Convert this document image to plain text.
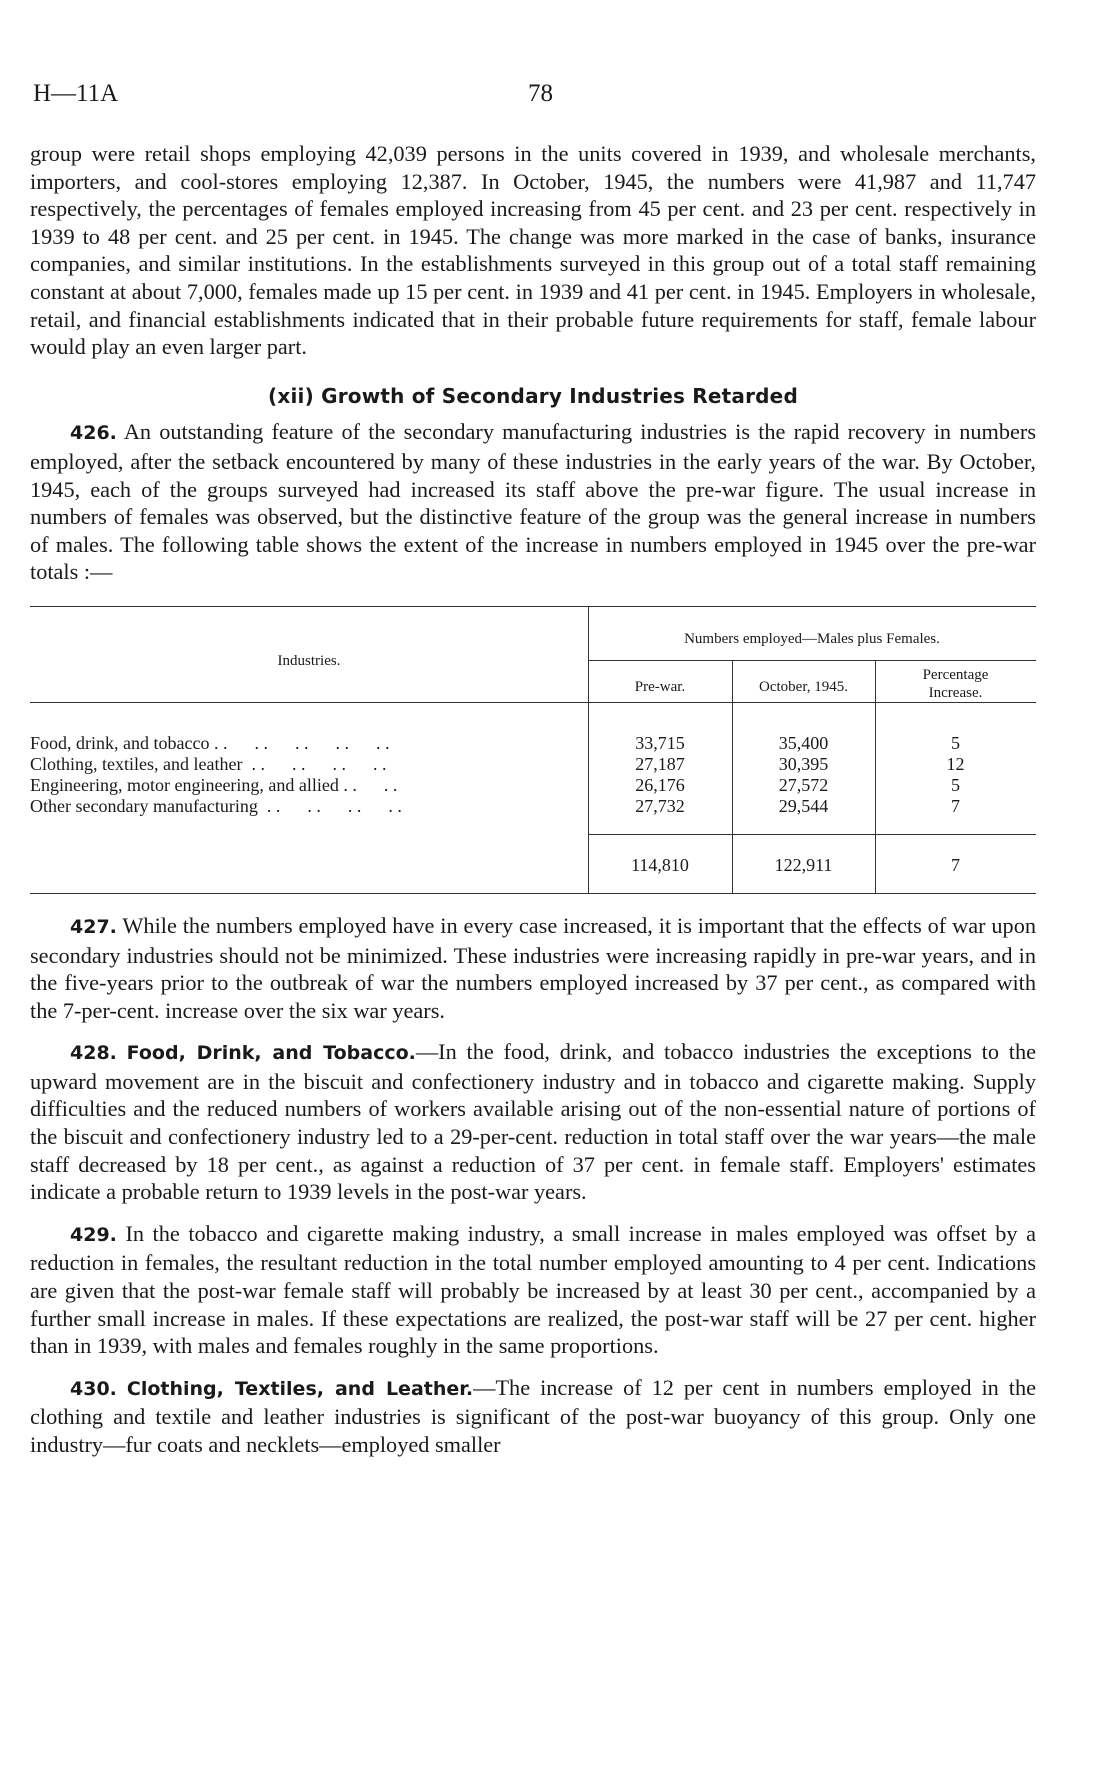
H—11A	78

group were retail shops employing 42,039 persons in the units covered in 1939, and wholesale merchants, importers, and cool-stores employing 12,387. In October, 1945, the numbers were 41,987 and 11,747 respectively, the percentages of females employed increasing from 45 per cent. and 23 per cent. respectively in 1939 to 48 per cent. and 25 per cent. in 1945. The change was more marked in the case of banks, insurance companies, and similar institutions. In the establishments surveyed in this group out of a total staff remaining constant at about 7,000, females made up 15 per cent. in 1939 and 41 per cent. in 1945. Employers in wholesale, retail, and financial establishments indicated that in their probable future requirements for staff, female labour would play an even larger part.

(xii) Growth of Secondary Industries Retarded

426. An outstanding feature of the secondary manufacturing industries is the rapid recovery in numbers employed, after the setback encountered by many of these industries in the early years of the war. By October, 1945, each of the groups surveyed had increased its staff above the pre-war figure. The usual increase in numbers of females was observed, but the distinctive feature of the group was the general increase in numbers of males. The following table shows the extent of the increase in numbers employed in 1945 over the pre-war totals :—

Industries.
Numbers employed—Males plus Females.
Pre-war.	October, 1945.
Percentage
Increase.
Food, drink, and tobacco . .      . .      . .      . .      . .	33,715	35,400	5
Clothing, textiles, and leather  . .      . .      . .      . .	27,187	30,395	12
Engineering, motor engineering, and allied . .      . .	26,176	27,572	5
Other secondary manufacturing  . .      . .      . .      . .	27,732	29,544	7
114,810	122,911	7

427. While the numbers employed have in every case increased, it is important that the effects of war upon secondary industries should not be minimized. These industries were increasing rapidly in pre-war years, and in the five-years prior to the outbreak of war the numbers employed increased by 37 per cent., as compared with the 7-per-cent. increase over the six war years.

428. Food, Drink, and Tobacco.—In the food, drink, and tobacco industries the exceptions to the upward movement are in the biscuit and confectionery industry and in tobacco and cigarette making. Supply difficulties and the reduced numbers of workers available arising out of the non-essential nature of portions of the biscuit and confectionery industry led to a 29-per-cent. reduction in total staff over the war years—the male staff decreased by 18 per cent., as against a reduction of 37 per cent. in female staff. Employers' estimates indicate a probable return to 1939 levels in the post-war years.

429. In the tobacco and cigarette making industry, a small increase in males employed was offset by a reduction in females, the resultant reduction in the total number employed amounting to 4 per cent. Indications are given that the post-war female staff will probably be increased by at least 30 per cent., accompanied by a further small increase in males. If these expectations are realized, the post-war staff will be 27 per cent. higher than in 1939, with males and females roughly in the same proportions.

430. Clothing, Textiles, and Leather.—The increase of 12 per cent in numbers employed in the clothing and textile and leather industries is significant of the post-war buoyancy of this group. Only one industry—fur coats and necklets—employed smaller
